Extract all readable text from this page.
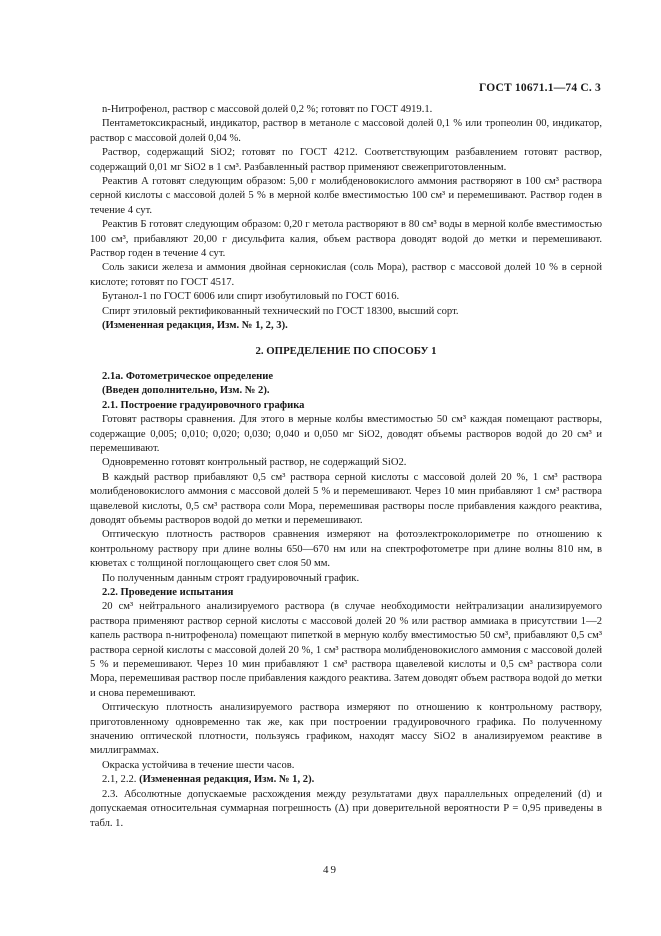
ГОСТ 10671.1—74 С. 3

n-Нитрофенол, раствор с массовой долей 0,2 %; готовят по ГОСТ 4919.1.

Пентаметоксикрасный, индикатор, раствор в метаноле с массовой долей 0,1 % или тропеолин 00, индикатор, раствор с массовой долей 0,04 %.

Раствор, содержащий SiO2; готовят по ГОСТ 4212. Соответствующим разбавлением готовят раствор, содержащий 0,01 мг SiO2 в 1 см³. Разбавленный раствор применяют свежеприготовленным.

Реактив А готовят следующим образом: 5,00 г молибденовокислого аммония растворяют в 100 см³ раствора серной кислоты с массовой долей 5 % в мерной колбе вместимостью 100 см³ и перемешивают. Раствор годен в течение 4 сут.

Реактив Б готовят следующим образом: 0,20 г метола растворяют в 80 см³ воды в мерной колбе вместимостью 100 см³, прибавляют 20,00 г дисульфита калия, объем раствора доводят водой до метки и перемешивают. Раствор годен в течение 4 сут.

Соль закиси железа и аммония двойная сернокислая (соль Мора), раствор с массовой долей 10 % в серной кислоте; готовят по ГОСТ 4517.

Бутанол-1 по ГОСТ 6006 или спирт изобутиловый по ГОСТ 6016.

Спирт этиловый ректификованный технический по ГОСТ 18300, высший сорт.

(Измененная редакция, Изм. № 1, 2, 3).

2. ОПРЕДЕЛЕНИЕ ПО СПОСОБУ 1

2.1а. Фотометрическое определение

(Введен дополнительно, Изм. № 2).

2.1. Построение градуировочного графика

Готовят растворы сравнения. Для этого в мерные колбы вместимостью 50 см³ каждая помещают растворы, содержащие 0,005; 0,010; 0,020; 0,030; 0,040 и 0,050 мг SiO2, доводят объемы растворов водой до 20 см³ и перемешивают.

Одновременно готовят контрольный раствор, не содержащий SiO2.

В каждый раствор прибавляют 0,5 см³ раствора серной кислоты с массовой долей 20 %, 1 см³ раствора молибденовокислого аммония с массовой долей 5 % и перемешивают. Через 10 мин прибавляют 1 см³ раствора щавелевой кислоты, 0,5 см³ раствора соли Мора, перемешивая растворы после прибавления каждого реактива, доводят объемы растворов водой до метки и перемешивают.

Оптическую плотность растворов сравнения измеряют на фотоэлектроколориметре по отношению к контрольному раствору при длине волны 650—670 нм или на спектрофотометре при длине волны 810 нм, в кюветах с толщиной поглощающего свет слоя 50 мм.

По полученным данным строят градуировочный график.

2.2. Проведение испытания

20 см³ нейтрального анализируемого раствора (в случае необходимости нейтрализации анализируемого раствора применяют раствор серной кислоты с массовой долей 20 % или раствор аммиака в присутствии 1—2 капель раствора n-нитрофенола) помещают пипеткой в мерную колбу вместимостью 50 см³, прибавляют 0,5 см³ раствора серной кислоты с массовой долей 20 %, 1 см³ раствора молибденовокислого аммония с массовой долей 5 % и перемешивают. Через 10 мин прибавляют 1 см³ раствора щавелевой кислоты и 0,5 см³ раствора соли Мора, перемешивая раствор после прибавления каждого реактива. Затем доводят объем раствора водой до метки и снова перемешивают.

Оптическую плотность анализируемого раствора измеряют по отношению к контрольному раствору, приготовленному одновременно так же, как при построении градуировочного графика. По полученному значению оптической плотности, пользуясь графиком, находят массу SiO2 в анализируемом реактиве в миллиграммах.

Окраска устойчива в течение шести часов.

2.1, 2.2. (Измененная редакция, Изм. № 1, 2).

2.3. Абсолютные допускаемые расхождения между результатами двух параллельных определений (d) и допускаемая относительная суммарная погрешность (Δ) при доверительной вероятности P = 0,95 приведены в табл. 1.

49
